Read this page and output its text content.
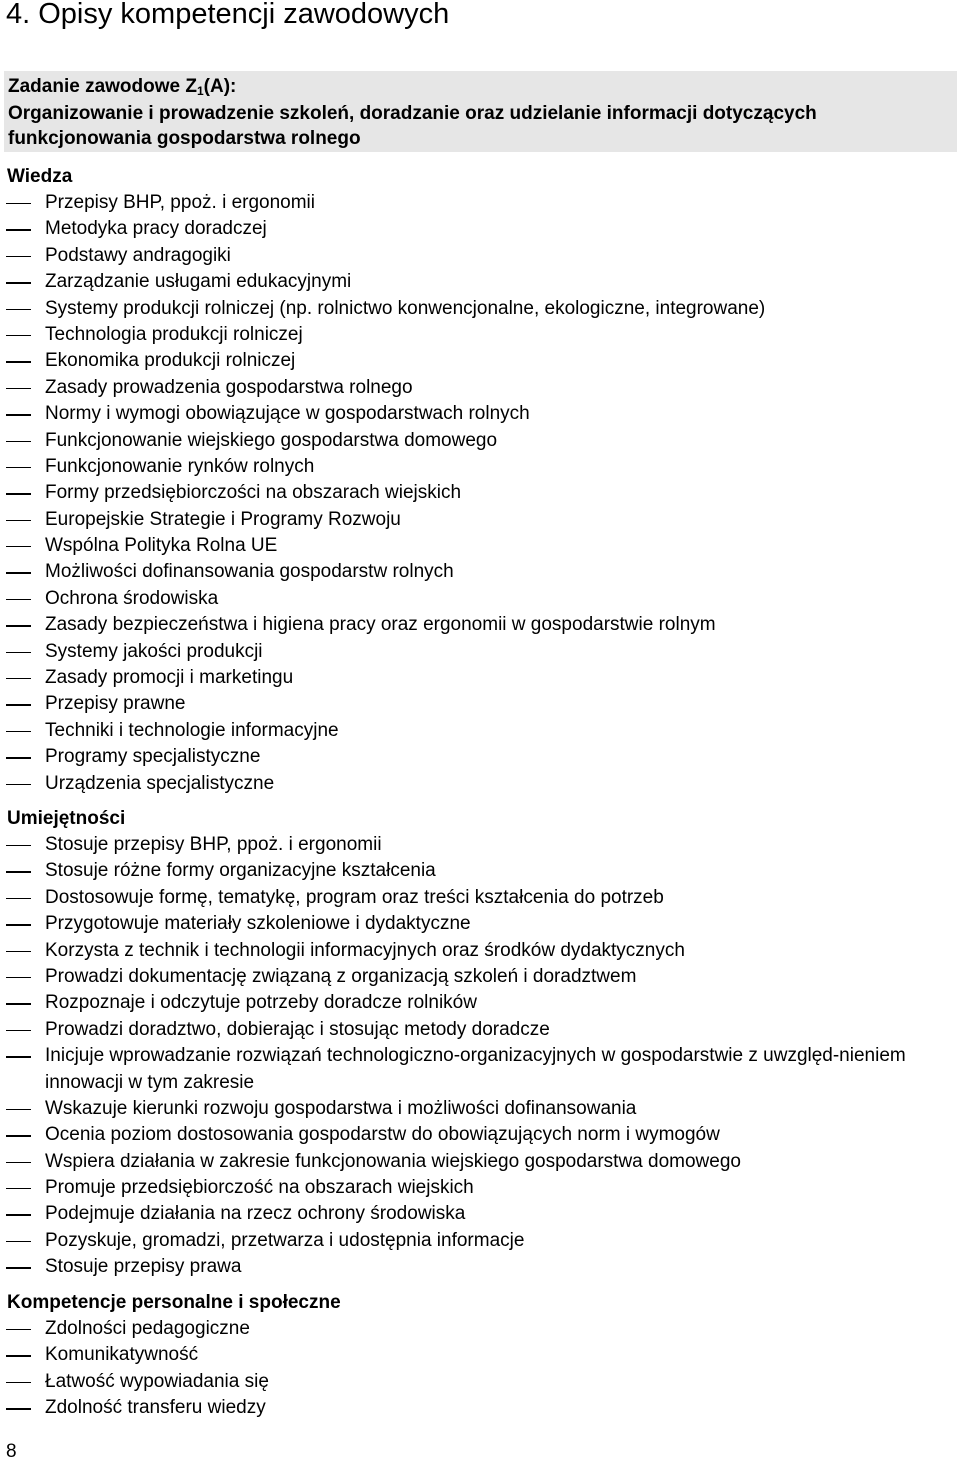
4. Opisy kompetencji zawodowych
Zadanie zawodowe $Z_1(A)$:
Organizowanie i prowadzenie szkoleń, doradzanie oraz udzielanie informacji dotyczących
funkcjonowania gospodarstwa rolnego
Wiedza
Przepisy BHP, ppoż. i ergonomii
Metodyka pracy doradczej
Podstawy andragogiki
Zarządzanie usługami edukacyjnymi
Systemy produkcji rolniczej (np. rolnictwo konwencjonalne, ekologiczne, integrowane)
Technologia produkcji rolniczej
Ekonomika produkcji rolniczej
Zasady prowadzenia gospodarstwa rolnego
Normy i wymogi obowiązujące w gospodarstwach rolnych
Funkcjonowanie wiejskiego gospodarstwa domowego
Funkcjonowanie rynków rolnych
Formy przedsiębiorczości na obszarach wiejskich
Europejskie Strategie i Programy Rozwoju
Wspólna Polityka Rolna UE
Możliwości dofinansowania gospodarstw rolnych
Ochrona środowiska
Zasady bezpieczeństwa i higiena pracy oraz ergonomii w gospodarstwie rolnym
Systemy jakości produkcji
Zasady promocji i marketingu
Przepisy prawne
Techniki i technologie informacyjne
Programy specjalistyczne
Urządzenia specjalistyczne
Umiejętności
Stosuje przepisy BHP, ppoż. i ergonomii
Stosuje różne formy organizacyjne kształcenia
Dostosowuje formę, tematykę, program oraz treści kształcenia do potrzeb
Przygotowuje materiały szkoleniowe i dydaktyczne
Korzysta z technik i technologii informacyjnych oraz środków dydaktycznych
Prowadzi dokumentację związaną z organizacją szkoleń i doradztwem
Rozpoznaje i odczytuje potrzeby doradcze rolników
Prowadzi doradztwo, dobierając i stosując metody doradcze
Inicjuje wprowadzanie rozwiązań technologiczno-organizacyjnych w gospodarstwie z uwzględ-nieniem innowacji w tym zakresie
Wskazuje kierunki rozwoju gospodarstwa i możliwości dofinansowania
Ocenia poziom dostosowania gospodarstw do obowiązujących norm i wymogów
Wspiera działania w zakresie funkcjonowania wiejskiego gospodarstwa domowego
Promuje przedsiębiorczość na obszarach wiejskich
Podejmuje działania na rzecz ochrony środowiska
Pozyskuje, gromadzi, przetwarza i udostępnia informacje
Stosuje przepisy prawa
Kompetencje personalne i społeczne
Zdolności pedagogiczne
Komunikatywność
Łatwość wypowiadania się
Zdolność transferu wiedzy
8
